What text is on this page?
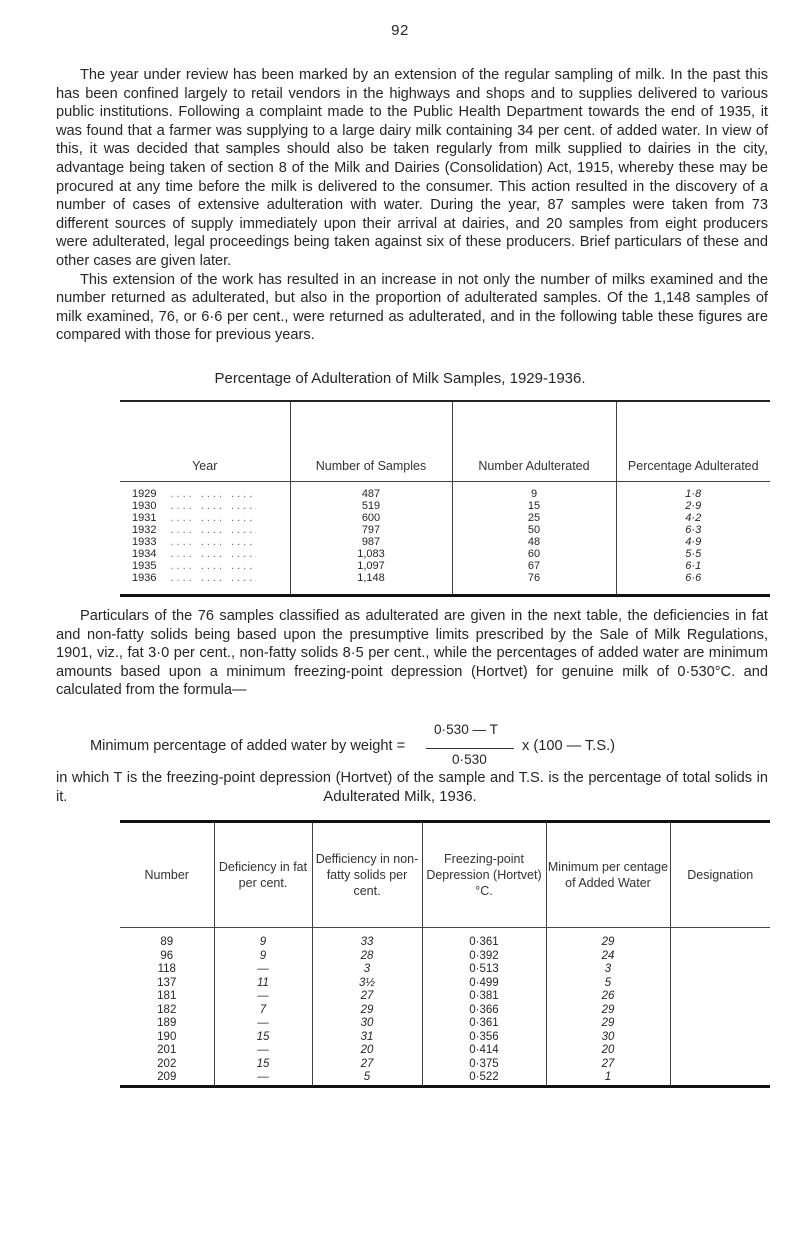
92

The year under review has been marked by an extension of the regular sampling of milk. In the past this has been confined largely to retail vendors in the highways and shops and to supplies delivered to various public institutions. Following a complaint made to the Public Health Department towards the end of 1935, it was found that a farmer was supplying to a large dairy milk containing 34 per cent. of added water. In view of this, it was decided that samples should also be taken regularly from milk supplied to dairies in the city, advantage being taken of section 8 of the Milk and Dairies (Consolidation) Act, 1915, whereby these may be procured at any time before the milk is delivered to the consumer. This action resulted in the discovery of a number of cases of extensive adulteration with water. During the year, 87 samples were taken from 73 different sources of supply immediately upon their arrival at dairies, and 20 samples from eight producers were adulterated, legal proceedings being taken against six of these producers. Brief particulars of these and other cases are given later.

This extension of the work has resulted in an increase in not only the number of milks examined and the number returned as adulterated, but also in the proportion of adulterated samples. Of the 1,148 samples of milk examined, 76, or 6·6 per cent., were returned as adulterated, and in the following table these figures are compared with those for previous years.

Percentage of Adulteration of Milk Samples, 1929-1936.
Year	Number of Samples	Number Adulterated	Percentage Adulterated
1929 .... .... ....	487	9	1·8
1930 .... .... ....	519	15	2·9
1931 .... .... ....	600	25	4·2
1932 .... .... ....	797	50	6·3
1933 .... .... ....	987	48	4·9
1934 .... .... ....	1,083	60	5·5
1935 .... .... ....	1,097	67	6·1
1936 .... .... ....	1,148	76	6·6

Particulars of the 76 samples classified as adulterated are given in the next table, the deficiencies in fat and non-fatty solids being based upon the presumptive limits prescribed by the Sale of Milk Regulations, 1901, viz., fat 3·0 per cent., non-fatty solids 8·5 per cent., while the percentages of added water are minimum amounts based upon a minimum freezing-point depression (Hortvet) for genuine milk of 0·530°C. and calculated from the formula—

0·530 — T
0·530
Minimum percentage of added water by weight =	x (100 — T.S.)

in which T is the freezing-point depression (Hortvet) of the sample and T.S. is the percentage of total solids in it.	Adulterated Milk, 1936.
Number	Deficiency in fat per cent.	Defficiency in non-fatty solids per cent.	Freezing-point Depression (Hortvet) °C.	Minimum per centage of Added Water	Designation
89	9	33	0·361	29	
96	9	28	0·392	24	
118	—	3	0·513	3	
137	11	3½	0·499	5	
181	—	27	0·381	26	
182	7	29	0·366	29	
189	—	30	0·361	29	
190	15	31	0·356	30	
201	—	20	0·414	20	
202	15	27	0·375	27	
209	—	5	0·522	1	
